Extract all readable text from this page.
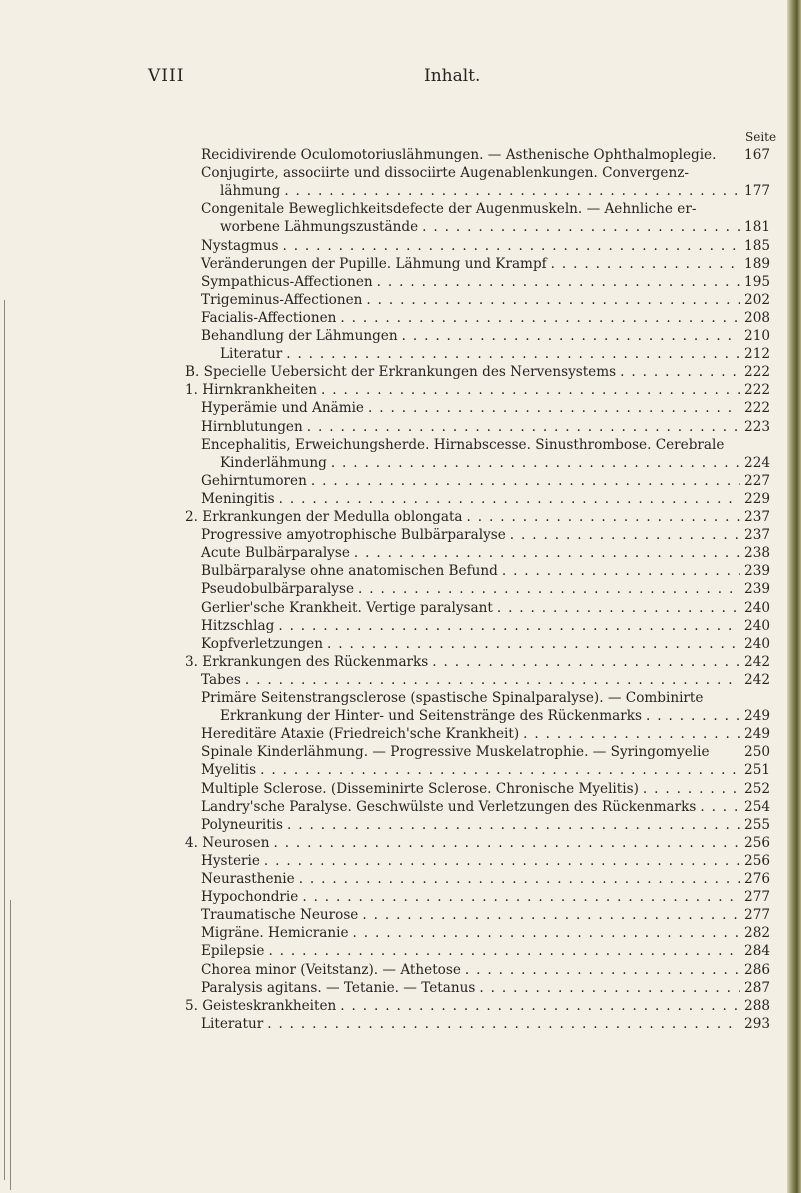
VIII	Inhalt.
Seite
Recidivirende Oculomotoriuslähmungen. — Asthenische Ophthalmoplegie.	167
Conjugirte, associirte und dissociirte Augenablenkungen. Convergenz-
lähmung . . .	177
Congenitale Beweglichkeitsdefecte der Augenmuskeln. — Aehnliche er-
worbene Lähmungszustände . . .	181
Nystagmus . . .	185
Veränderungen der Pupille. Lähmung und Krampf . . .	189
Sympathicus-Affectionen . . .	195
Trigeminus-Affectionen . . .	202
Facialis-Affectionen . . .	208
Behandlung der Lähmungen . . .	210
Literatur . . .	212
B. Specielle Uebersicht der Erkrankungen des Nervensystems . . .	222
1. Hirnkrankheiten . . .	222
Hyperämie und Anämie . . .	222
Hirnblutungen . . .	223
Encephalitis, Erweichungsherde. Hirnabscesse. Sinusthrombose. Cerebrale
Kinderlähmung . . .	224
Gehirntumoren . . .	227
Meningitis . . .	229
2. Erkrankungen der Medulla oblongata . . .	237
Progressive amyotrophische Bulbärparalyse . . .	237
Acute Bulbärparalyse . . .	238
Bulbärparalyse ohne anatomischen Befund . . .	239
Pseudobulbärparalyse . . .	239
Gerlier'sche Krankheit. Vertige paralysant . . .	240
Hitzschlag . . .	240
Kopfverletzungen . . .	240
3. Erkrankungen des Rückenmarks . . .	242
Tabes . . .	242
Primäre Seitenstrangsclerose (spastische Spinalparalyse). — Combinirte
Erkrankung der Hinter- und Seitenstränge des Rückenmarks . . .	249
Hereditäre Ataxie (Friedreich'sche Krankheit) . . .	249
Spinale Kinderlähmung. — Progressive Muskelatrophie. — Syringomyelie	250
Myelitis . . .	251
Multiple Sclerose. (Disseminirte Sclerose. Chronische Myelitis) . . .	252
Landry'sche Paralyse. Geschwülste und Verletzungen des Rückenmarks . . .	254
Polyneuritis . . .	255
4. Neurosen . . .	256
Hysterie . . .	256
Neurasthenie . . .	276
Hypochondrie . . .	277
Traumatische Neurose . . .	277
Migräne. Hemicranie . . .	282
Epilepsie . . .	284
Chorea minor (Veitstanz). — Athetose . . .	286
Paralysis agitans. — Tetanie. — Tetanus . . .	287
5. Geisteskrankheiten . . .	288
Literatur . . .	293
